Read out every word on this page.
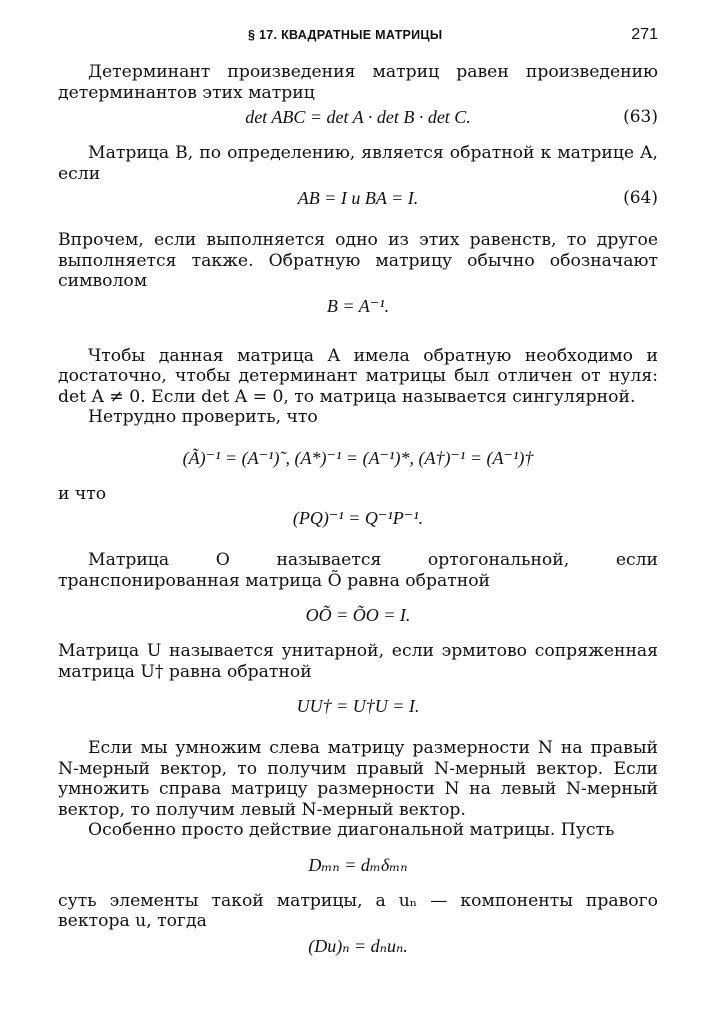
§ 17. КВАДРАТНЫЕ МАТРИЦЫ	271

Детерминант произведения матриц равен произведению детерминантов этих матриц

det ABC = det A · det B · det C.	(63)

Матрица B, по определению, является обратной к матрице A, если

AB = I и BA = I.	(64)

Впрочем, если выполняется одно из этих равенств, то другое выполняется также. Обратную матрицу обычно обозначают символом

B = A⁻¹.

Чтобы данная матрица A имела обратную необходимо и достаточно, чтобы детерминант матрицы был отличен от нуля: det A ≠ 0. Если det A = 0, то матрица называется сингулярной.

Нетрудно проверить, что

(Ã)⁻¹ = (A⁻¹)˜, (A*)⁻¹ = (A⁻¹)*, (A†)⁻¹ = (A⁻¹)†

и что

(PQ)⁻¹ = Q⁻¹P⁻¹.

Матрица O называется ортогональной, если транспонированная матрица Õ равна обратной

OÕ = ÕO = I.

Матрица U называется унитарной, если эрмитово сопряженная матрица U† равна обратной

UU† = U†U = I.

Если мы умножим слева матрицу размерности N на правый N-мерный вектор, то получим правый N-мерный вектор. Если умножить справа матрицу размерности N на левый N-мерный вектор, то получим левый N-мерный вектор.

Особенно просто действие диагональной матрицы. Пусть

Dₘₙ = dₘδₘₙ

суть элементы такой матрицы, а uₙ — компоненты правого вектора u, тогда

(Du)ₙ = dₙuₙ.
